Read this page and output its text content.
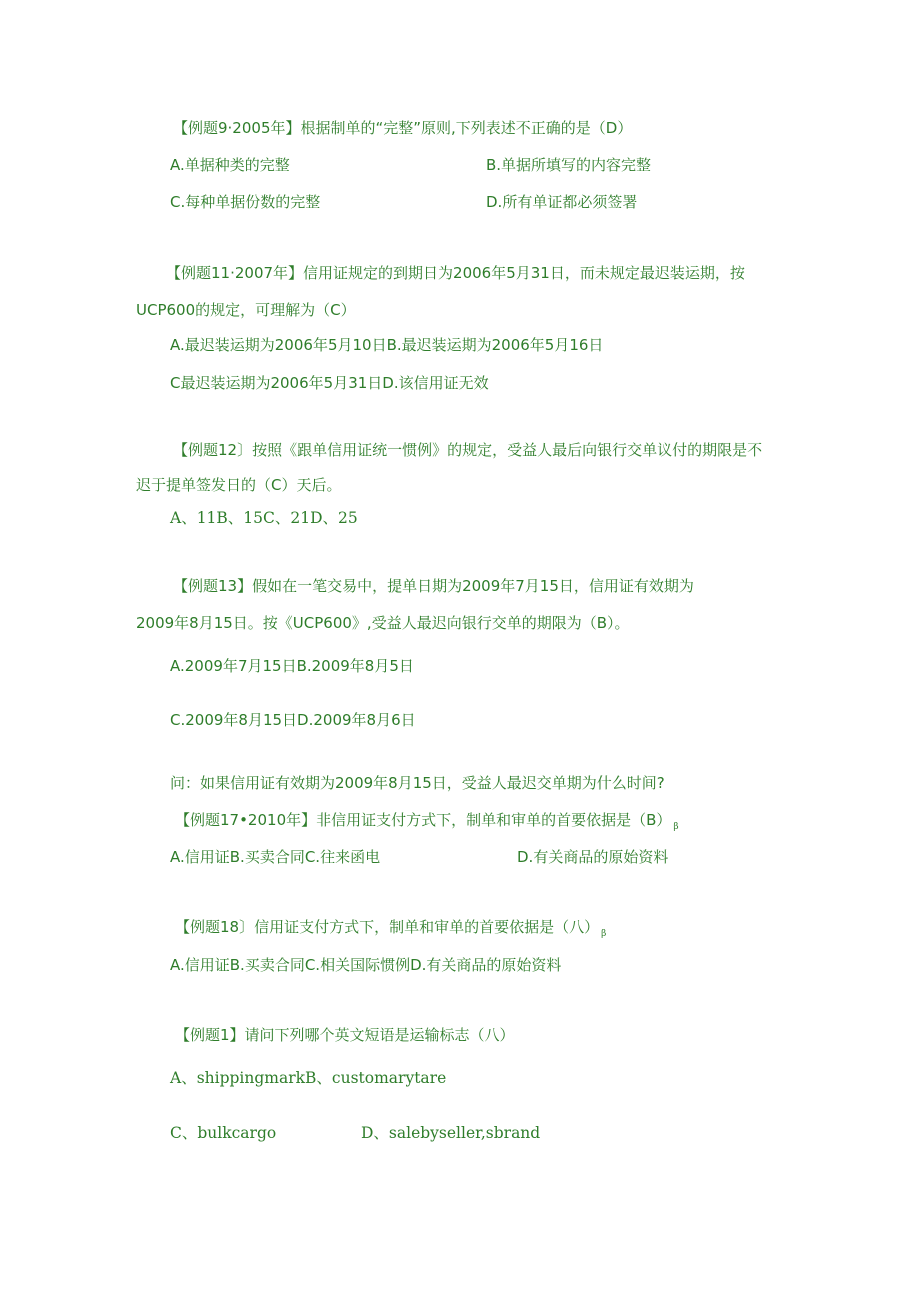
【例题9·2005年】根据制单的“完整”原则,下列表述不正确的是（D）
A.单据种类的完整	B.单据所填写的内容完整
C.每种单据份数的完整	D.所有单证都必须签署
【例题11·2007年】信用证规定的到期日为2006年5月31日，而未规定最迟装运期，按
UCP600的规定，可理解为（C）
A.最迟装运期为2006年5月10日B.最迟装运期为2006年5月16日
C最迟装运期为2006年5月31日D.该信用证无效
【例题12〕按照《跟单信用证统一惯例》的规定，受益人最后向银行交单议付的期限是不
迟于提单签发日的（C）天后。
A、11B、15C、21D、25
【例题13】假如在一笔交易中，提单日期为2009年7月15日，信用证有效期为
2009年8月15日。按《UCP600》,受益人最迟向银行交单的期限为（B）。
A.2009年7月15日B.2009年8月5日
C.2009年8月15日D.2009年8月6日
问：如果信用证有效期为2009年8月15日，受益人最迟交单期为什么时间?
【例题17•2010年】非信用证支付方式下，制单和审单的首要依据是（B） $_\beta$
A.信用证B.买卖合同C.往来函电	D.有关商品的原始资料
【例题18〕信用证支付方式下，制单和审单的首要依据是（八） $_\beta$
A.信用证B.买卖合同C.相关国际惯例D.有关商品的原始资料
【例题1】请问下列哪个英文短语是运输标志（八）
A、shippingmarkB、customarytare
C、bulkcargo	D、salebyseller,sbrand
